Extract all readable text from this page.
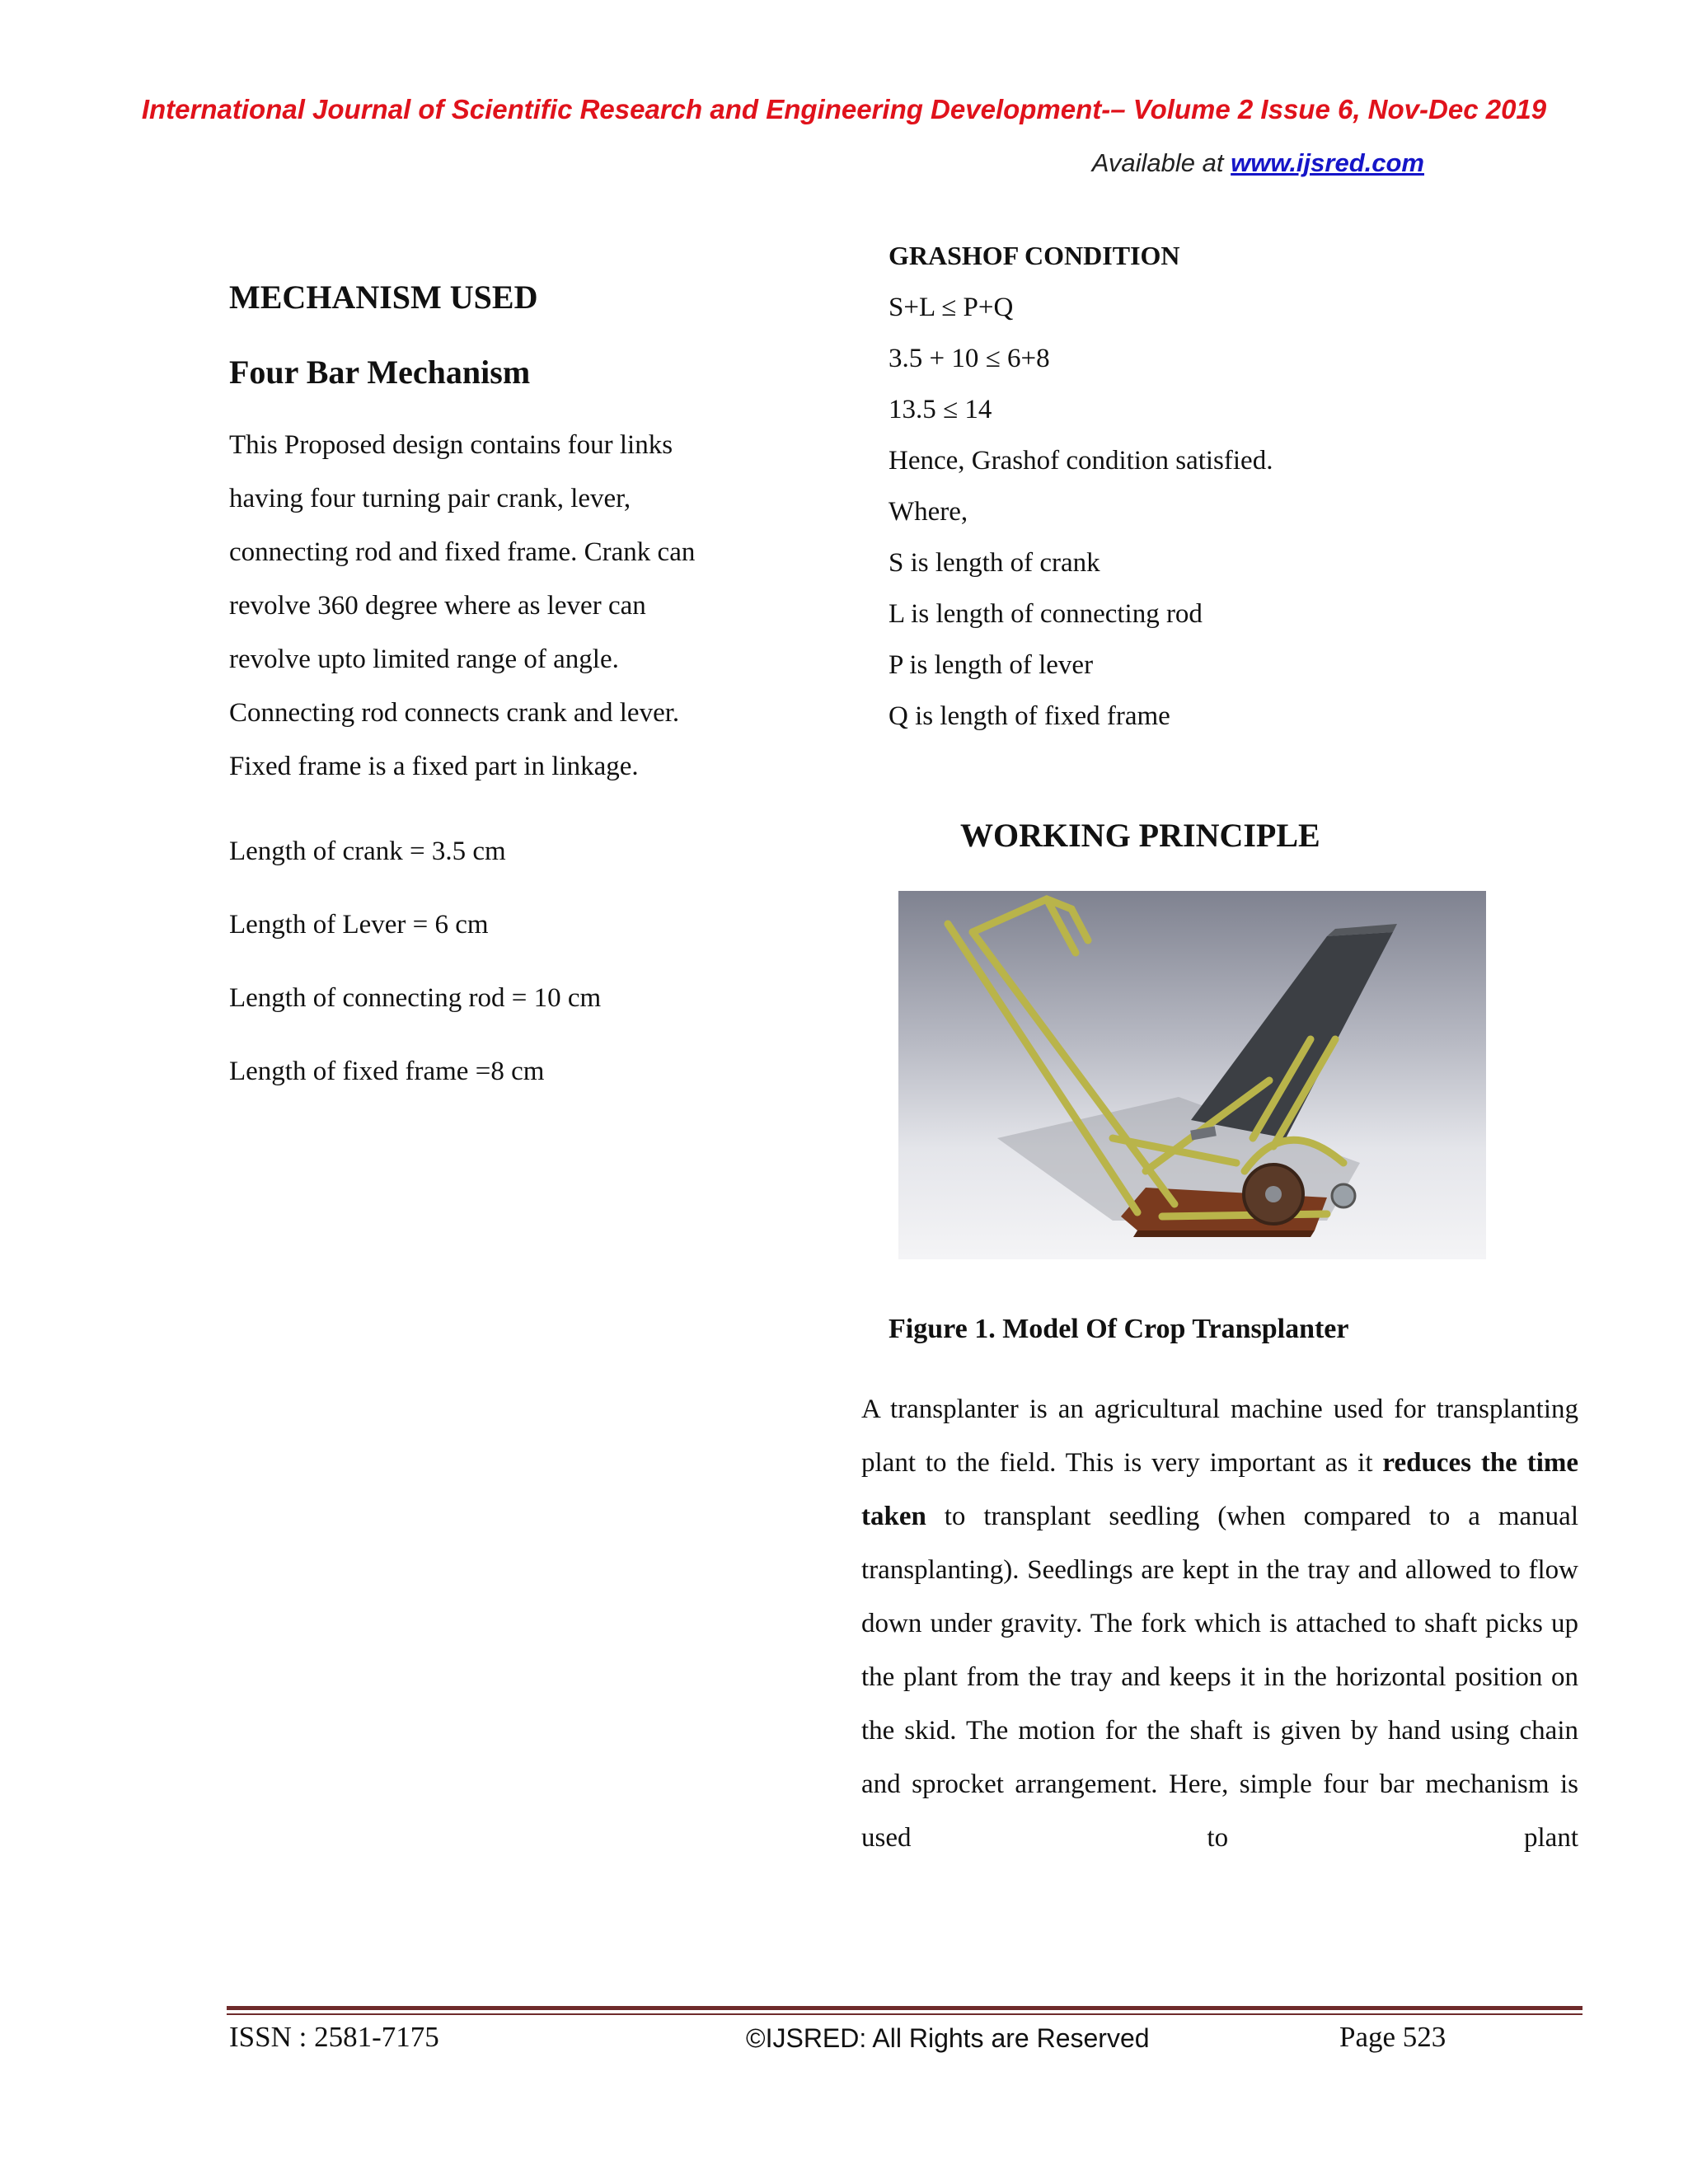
International Journal of Scientific Research and Engineering Development-– Volume 2 Issue 6, Nov-Dec 2019
Available at www.ijsred.com
MECHANISM USED
Four Bar Mechanism
This Proposed design contains four links
having four turning pair crank, lever,
connecting rod and fixed frame. Crank can
revolve 360 degree where as lever can
revolve upto limited range of angle.
Connecting rod connects crank and lever.
Fixed frame is a fixed part in linkage.
Length of crank = 3.5 cm
Length of Lever = 6 cm
Length of connecting rod = 10 cm
Length of fixed frame =8 cm
GRASHOF CONDITION
S+L ≤ P+Q
3.5 + 10 ≤ 6+8
13.5 ≤ 14
Hence, Grashof condition satisfied.
Where,
S is length of crank
L is length of connecting rod
P is length of lever
Q is length of fixed frame
WORKING PRINCIPLE
Figure 1. Model Of Crop Transplanter

A transplanter is an agricultural machine used for transplanting plant to the field. This is very important as it reduces the time taken to transplant seedling (when compared to a manual transplanting). Seedlings are kept in the tray and allowed to flow down under gravity. The fork which is attached to shaft picks up the plant from the tray and keeps it in the horizontal position on the skid. The motion for the shaft is given by hand using chain and sprocket arrangement. Here, simple four bar mechanism is used to plant

ISSN : 2581-7175	©IJSRED: All Rights are Reserved	Page 523
